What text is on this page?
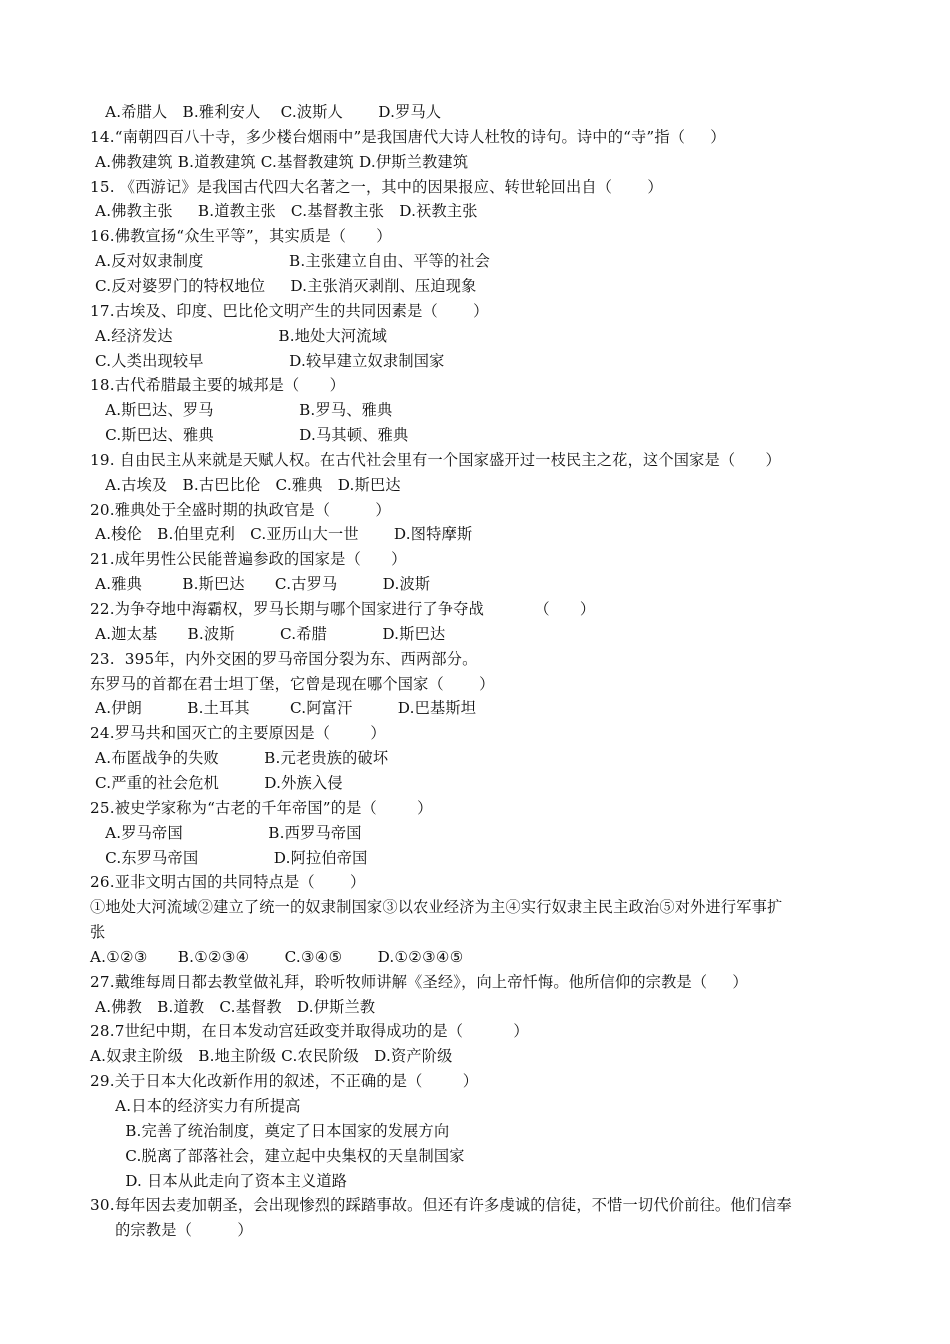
A.希腊人   B.雅利安人    C.波斯人       D.罗马人
14.“南朝四百八十寺，多少楼台烟雨中”是我国唐代大诗人杜牧的诗句。诗中的“寺”指（     ）
A.佛教建筑 B.道教建筑 C.基督教建筑 D.伊斯兰教建筑
15. 《西游记》是我国古代四大名著之一，其中的因果报应、转世轮回出自（       ）
A.佛教主张     B.道教主张   C.基督教主张   D.祆教主张
16.佛教宣扬“众生平等”，其实质是（      ）
A.反对奴隶制度                 B.主张建立自由、平等的社会
C.反对婆罗门的特权地位     D.主张消灭剥削、压迫现象
17.古埃及、印度、巴比伦文明产生的共同因素是（       ）
A.经济发达                     B.地处大河流域
C.人类出现较早                 D.较早建立奴隶制国家
18.古代希腊最主要的城邦是（      ）
A.斯巴达、罗马                 B.罗马、雅典
C.斯巴达、雅典                 D.马其顿、雅典
19. 自由民主从来就是天赋人权。在古代社会里有一个国家盛开过一枝民主之花，这个国家是（      ）
A.古埃及   B.古巴比伦   C.雅典   D.斯巴达
20.雅典处于全盛时期的执政官是（         ）
A.梭伦   B.伯里克利   C.亚历山大一世       D.图特摩斯
21.成年男性公民能普遍参政的国家是（      ）
A.雅典        B.斯巴达      C.古罗马         D.波斯
22.为争夺地中海霸权，罗马长期与哪个国家进行了争夺战          （      ）
A.迦太基      B.波斯         C.希腊           D.斯巴达
23.  395年，内外交困的罗马帝国分裂为东、西两部分。
东罗马的首都在君士坦丁堡，它曾是现在哪个国家（       ）
A.伊朗         B.土耳其        C.阿富汗         D.巴基斯坦
24.罗马共和国灭亡的主要原因是（        ）
A.布匿战争的失败         B.元老贵族的破坏
C.严重的社会危机         D.外族入侵
25.被史学家称为“古老的千年帝国”的是（        ）
A.罗马帝国                 B.西罗马帝国
C.东罗马帝国               D.阿拉伯帝国
26.亚非文明古国的共同特点是（       ）
①地处大河流域②建立了统一的奴隶制国家③以农业经济为主④实行奴隶主民主政治⑤对外进行军事扩
张
A.①②③      B.①②③④       C.③④⑤       D.①②③④⑤
27.戴维每周日都去教堂做礼拜，聆听牧师讲解《圣经》，向上帝忏悔。他所信仰的宗教是（     ）
A.佛教   B.道教   C.基督教   D.伊斯兰教
28.7世纪中期，在日本发动宫廷政变并取得成功的是（          ）
A.奴隶主阶级   B.地主阶级 C.农民阶级   D.资产阶级
29.关于日本大化改新作用的叙述，不正确的是（        ）
A.日本的经济实力有所提高
B.完善了统治制度，奠定了日本国家的发展方向
C.脱离了部落社会，建立起中央集权的天皇制国家
D. 日本从此走向了资本主义道路
30.每年因去麦加朝圣，会出现惨烈的踩踏事故。但还有许多虔诚的信徒，不惜一切代价前往。他们信奉
的宗教是（         ）
